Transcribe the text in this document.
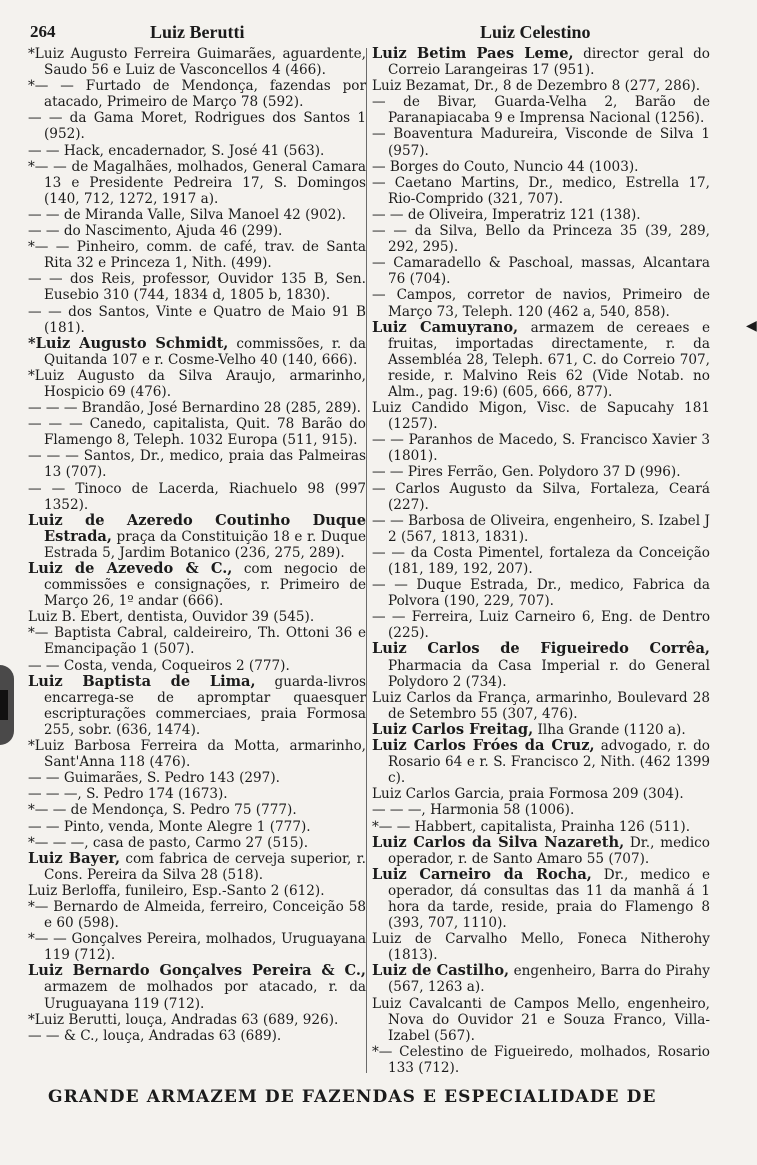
264	Luiz Berutti	Luiz Celestino
◀

*Luiz Augusto Ferreira Guimarães, aguardente, Saudo 56 e Luiz de Vasconcellos 4 (466).

*— — Furtado de Mendonça, fazendas por atacado, Primeiro de Março 78 (592).

— — da Gama Moret, Rodrigues dos Santos 1 (952).

— — Hack, encadernador, S. José 41 (563).

*— — de Magalhães, molhados, General Camara 13 e Presidente Pedreira 17, S. Domingos (140, 712, 1272, 1917 a).

— — de Miranda Valle, Silva Manoel 42 (902).

— — do Nascimento, Ajuda 46 (299).

*— — Pinheiro, comm. de café, trav. de Santa Rita 32 e Princeza 1, Nith. (499).

— — dos Reis, professor, Ouvidor 135 B, Sen. Eusebio 310 (744, 1834 d, 1805 b, 1830).

— — dos Santos, Vinte e Quatro de Maio 91 B (181).

*Luiz Augusto Schmidt, commissões, r. da Quitanda 107 e r. Cosme-Velho 40 (140, 666).

*Luiz Augusto da Silva Araujo, armarinho, Hospicio 69 (476).

— — — Brandão, José Bernardino 28 (285, 289).

— — — Canedo, capitalista, Quit. 78 Barão do Flamengo 8, Teleph. 1032 Europa (511, 915).

— — — Santos, Dr., medico, praia das Palmeiras 13 (707).

— — Tinoco de Lacerda, Riachuelo 98 (997 1352).

Luiz de Azeredo Coutinho Duque Estrada, praça da Constituição 18 e r. Duque Estrada 5, Jardim Botanico (236, 275, 289).

Luiz de Azevedo & C., com negocio de commissões e consignações, r. Primeiro de Março 26, 1º andar (666).

Luiz B. Ebert, dentista, Ouvidor 39 (545).

*— Baptista Cabral, caldeireiro, Th. Ottoni 36 e Emancipação 1 (507).

— — Costa, venda, Coqueiros 2 (777).

Luiz Baptista de Lima, guarda-livros encarrega-se de apromptar quaesquer escripturações commerciaes, praia Formosa 255, sobr. (636, 1474).

*Luiz Barbosa Ferreira da Motta, armarinho, Sant'Anna 118 (476).

— — Guimarães, S. Pedro 143 (297).

— — —, S. Pedro 174 (1673).

*— — de Mendonça, S. Pedro 75 (777).

— — Pinto, venda, Monte Alegre 1 (777).

*— — —, casa de pasto, Carmo 27 (515).

Luiz Bayer, com fabrica de cerveja superior, r. Cons. Pereira da Silva 28 (518).

Luiz Berloffa, funileiro, Esp.-Santo 2 (612).

*— Bernardo de Almeida, ferreiro, Conceição 58 e 60 (598).

*— — Gonçalves Pereira, molhados, Uruguayana 119 (712).

Luiz Bernardo Gonçalves Pereira & C., armazem de molhados por atacado, r. da Uruguayana 119 (712).

*Luiz Berutti, louça, Andradas 63 (689, 926).

— — & C., louça, Andradas 63 (689).

Luiz Betim Paes Leme, director geral do Correio Larangeiras 17 (951).

Luiz Bezamat, Dr., 8 de Dezembro 8 (277, 286).

— de Bivar, Guarda-Velha 2, Barão de Paranapiacaba 9 e Imprensa Nacional (1256).

— Boaventura Madureira, Visconde de Silva 1 (957).

— Borges do Couto, Nuncio 44 (1003).

— Caetano Martins, Dr., medico, Estrella 17, Rio-Comprido (321, 707).

— — de Oliveira, Imperatriz 121 (138).

— — da Silva, Bello da Princeza 35 (39, 289, 292, 295).

— Camaradello & Paschoal, massas, Alcantara 76 (704).

— Campos, corretor de navios, Primeiro de Março 73, Teleph. 120 (462 a, 540, 858).

Luiz Camuyrano, armazem de cereaes e fruitas, importadas directamente, r. da Assembléa 28, Teleph. 671, C. do Correio 707, reside, r. Malvino Reis 62 (Vide Notab. no Alm., pag. 19:6) (605, 666, 877).

Luiz Candido Migon, Visc. de Sapucahy 181 (1257).

— — Paranhos de Macedo, S. Francisco Xavier 3 (1801).

— — Pires Ferrão, Gen. Polydoro 37 D (996).

— Carlos Augusto da Silva, Fortaleza, Ceará (227).

— — Barbosa de Oliveira, engenheiro, S. Izabel J 2 (567, 1813, 1831).

— — da Costa Pimentel, fortaleza da Conceição (181, 189, 192, 207).

— — Duque Estrada, Dr., medico, Fabrica da Polvora (190, 229, 707).

— — Ferreira, Luiz Carneiro 6, Eng. de Dentro (225).

Luiz Carlos de Figueiredo Corrêa, Pharmacia da Casa Imperial r. do General Polydoro 2 (734).

Luiz Carlos da França, armarinho, Boulevard 28 de Setembro 55 (307, 476).

Luiz Carlos Freitag, Ilha Grande (1120 a).

Luiz Carlos Fróes da Cruz, advogado, r. do Rosario 64 e r. S. Francisco 2, Nith. (462 1399 c).

Luiz Carlos Garcia, praia Formosa 209 (304).

— — —, Harmonia 58 (1006).

*— — Habbert, capitalista, Prainha 126 (511).

Luiz Carlos da Silva Nazareth, Dr., medico operador, r. de Santo Amaro 55 (707).

Luiz Carneiro da Rocha, Dr., medico e operador, dá consultas das 11 da manhã á 1 hora da tarde, reside, praia do Flamengo 8 (393, 707, 1110).

Luiz de Carvalho Mello, Foneca Nitherohy (1813).

Luiz de Castilho, engenheiro, Barra do Pirahy (567, 1263 a).

Luiz Cavalcanti de Campos Mello, engenheiro, Nova do Ouvidor 21 e Souza Franco, Villa-Izabel (567).

*— Celestino de Figueiredo, molhados, Rosario 133 (712).

GRANDE ARMAZEM DE FAZENDAS E ESPECIALIDADE DE
